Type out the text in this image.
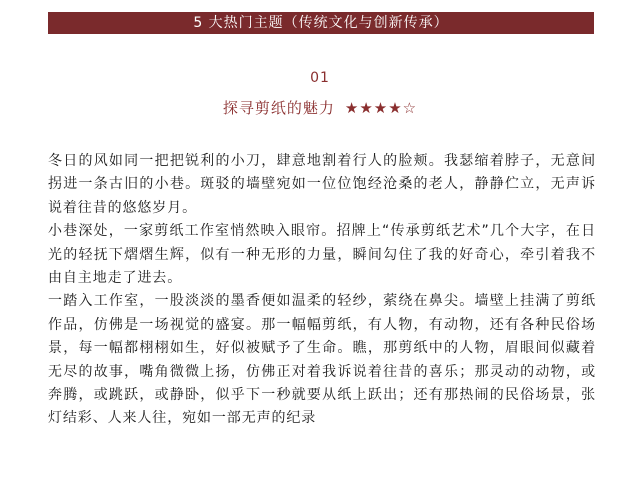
5 大热门主题（传统文化与创新传承）
01
探寻剪纸的魅力 ★★★★☆

冬日的风如同一把把锐利的小刀，肆意地割着行人的脸颊。我瑟缩着脖子，无意间拐进一条古旧的小巷。斑驳的墙壁宛如一位位饱经沧桑的老人，静静伫立，无声诉说着往昔的悠悠岁月。

小巷深处，一家剪纸工作室悄然映入眼帘。招牌上“传承剪纸艺术”几个大字，在日光的轻抚下熠熠生辉，似有一种无形的力量，瞬间勾住了我的好奇心，牵引着我不由自主地走了进去。

一踏入工作室，一股淡淡的墨香便如温柔的轻纱，萦绕在鼻尖。墙壁上挂满了剪纸作品，仿佛是一场视觉的盛宴。那一幅幅剪纸，有人物，有动物，还有各种民俗场景，每一幅都栩栩如生，好似被赋予了生命。瞧，那剪纸中的人物，眉眼间似藏着无尽的故事，嘴角微微上扬，仿佛正对着我诉说着往昔的喜乐；那灵动的动物，或奔腾，或跳跃，或静卧，似乎下一秒就要从纸上跃出；还有那热闹的民俗场景，张灯结彩、人来人往，宛如一部无声的纪录
